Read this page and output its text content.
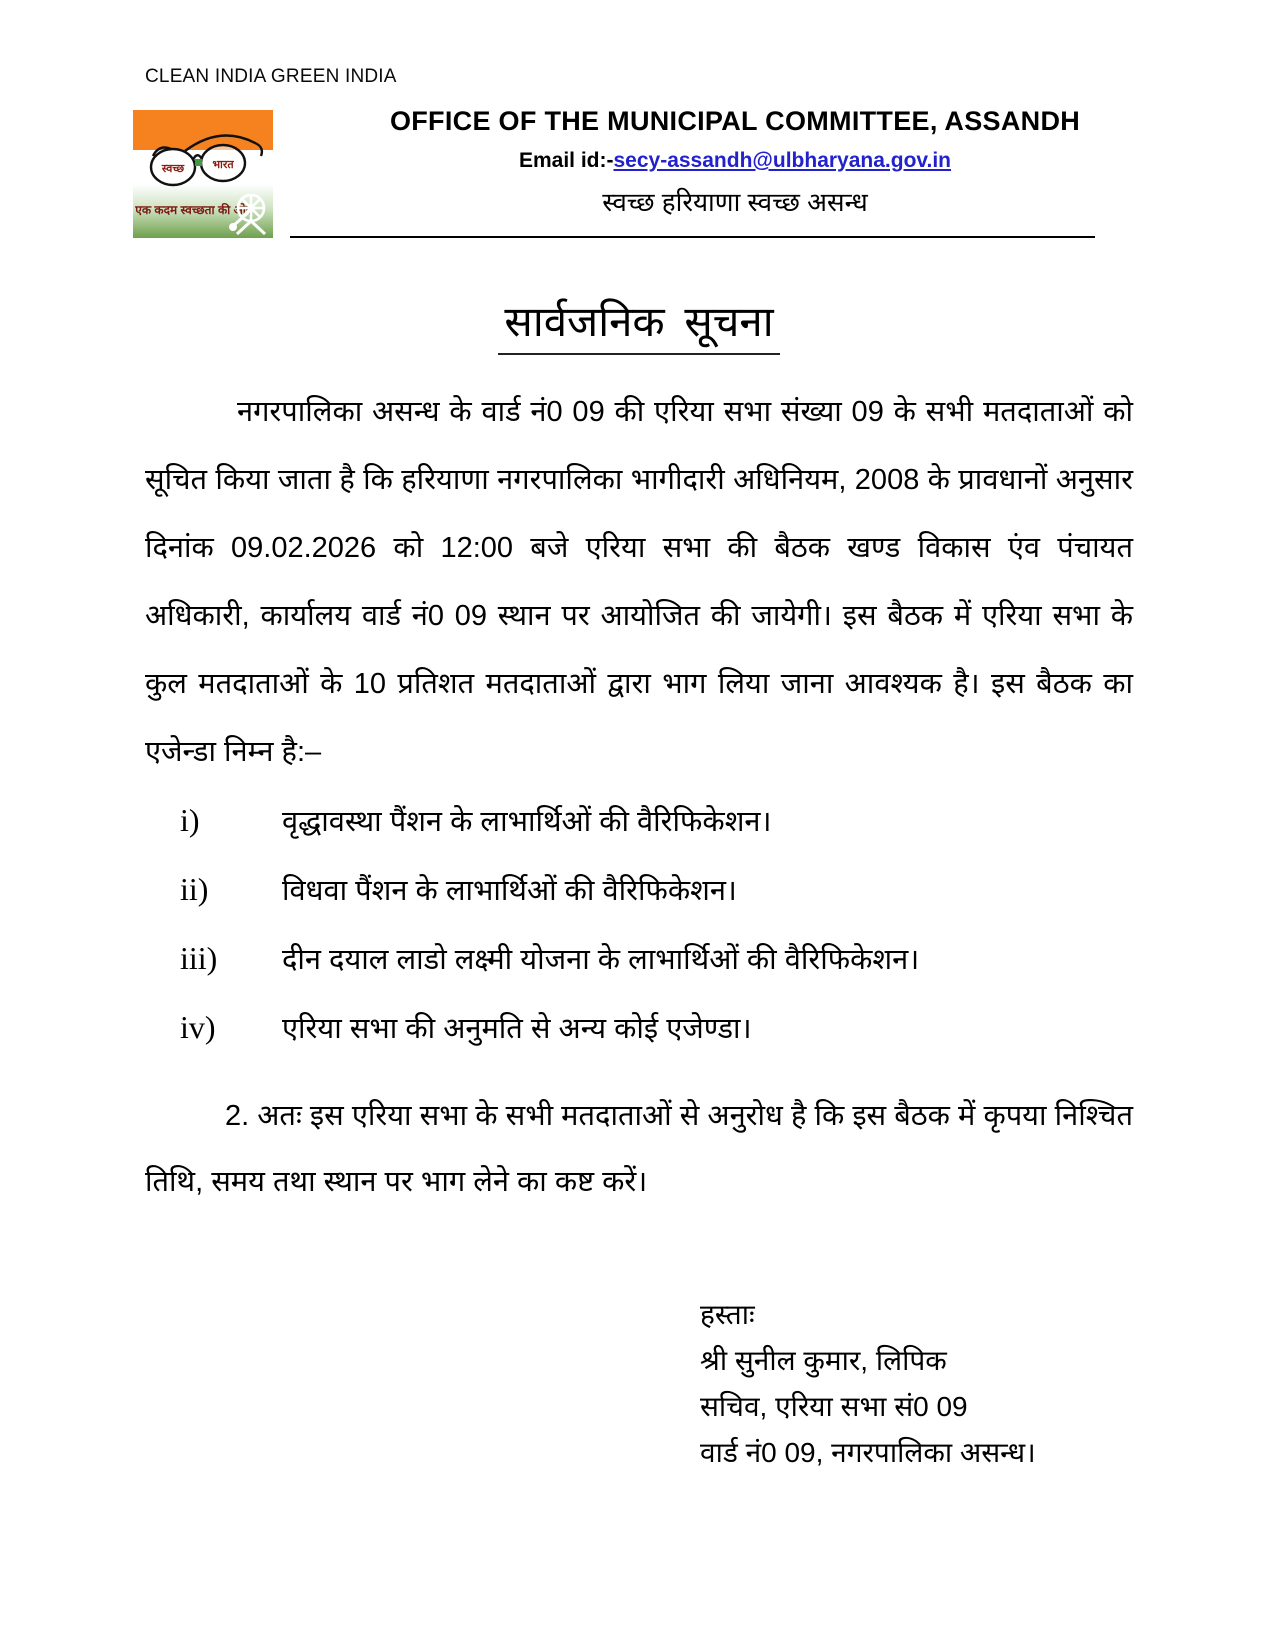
CLEAN INDIA GREEN INDIA
स्वच्छ	भारत
एक कदम स्वच्छता की ओर
OFFICE OF THE MUNICIPAL COMMITTEE, ASSANDH
Email id:-secy-assandh@ulbharyana.gov.in
स्वच्छ हरियाणा स्वच्छ असन्ध
सार्वजनिक सूचना
नगरपालिका असन्ध के वार्ड नं0 09 की एरिया सभा संख्या 09 के सभी मतदाताओं को सूचित किया जाता है कि हरियाणा नगरपालिका भागीदारी अधिनियम, 2008 के प्रावधानों अनुसार दिनांक 09.02.2026 को 12:00 बजे एरिया सभा की बैठक खण्ड विकास एंव पंचायत अधिकारी, कार्यालय वार्ड नं0 09 स्थान पर आयोजित की जायेगी। इस बैठक में एरिया सभा के कुल मतदाताओं के 10 प्रतिशत मतदाताओं द्वारा भाग लिया जाना आवश्यक है। इस बैठक का एजेन्डा निम्न है:–
i)	वृद्धावस्था पैंशन के लाभार्थिओं की वैरिफिकेशन।
ii)	विधवा पैंशन के लाभार्थिओं की वैरिफिकेशन।
iii)	दीन दयाल लाडो लक्ष्मी योजना के लाभार्थिओं की वैरिफिकेशन।
iv)	एरिया सभा की अनुमति से अन्य कोई एजेण्डा।
2. अतः इस एरिया सभा के सभी मतदाताओं से अनुरोध है कि इस बैठक में कृपया निश्चित तिथि, समय तथा स्थान पर भाग लेने का कष्ट करें।
हस्ताः
श्री सुनील कुमार, लिपिक
सचिव, एरिया सभा सं0 09
वार्ड नं0 09, नगरपालिका असन्ध।
